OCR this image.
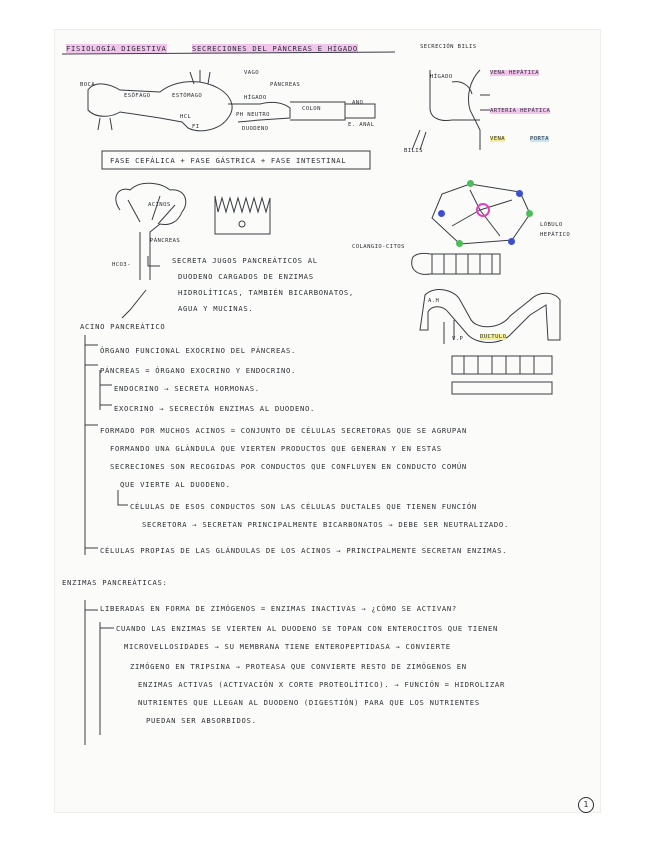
FISIOLOGÍA DIGESTIVA	SECRECIONES DEL PÁNCREAS E HÍGADO
BOCA
ESÓFAGO	ESTÓMAGO
HCL
FI
VAGO
HÍGADO
PÁNCREAS
PH NEUTRO
DUODENO
COLON
ANO
E. ANAL
FASE CEFÁLICA + FASE GÁSTRICA + FASE INTESTINAL
SECRECIÓN BILIS
HÍGADO
VENA HEPÁTICA
ARTERIA HEPÁTICA
VENA	PORTA
BILIS
PÁNCREAS
HCO3-
ACINOS
SECRETA JUGOS PANCREÁTICOS AL
DUODENO CARGADOS DE ENZIMAS
HIDROLÍTICAS, TAMBIÉN BICARBONATOS,
AGUA Y MUCINAS.
LÓBULO
HEPÁTICO
COLANGIO-CITOS
A.H
V.P	DUCTULO
ACINO PANCREÁTICO
ÓRGANO FUNCIONAL EXOCRINO DEL PÁNCREAS.
PÁNCREAS = ÓRGANO EXOCRINO Y ENDOCRINO.
ENDOCRINO → SECRETA HORMONAS.
EXOCRINO → SECRECIÓN ENZIMAS AL DUODENO.
FORMADO POR MUCHOS ACINOS = CONJUNTO DE CÉLULAS SECRETORAS QUE SE AGRUPAN
FORMANDO UNA GLÁNDULA QUE VIERTEN PRODUCTOS QUE GENERAN Y EN ESTAS
SECRECIONES SON RECOGIDAS POR CONDUCTOS QUE CONFLUYEN EN CONDUCTO COMÚN
QUE VIERTE AL DUODENO.
CÉLULAS DE ESOS CONDUCTOS SON LAS CÉLULAS DUCTALES QUE TIENEN FUNCIÓN
SECRETORA → SECRETAN PRINCIPALMENTE BICARBONATOS → DEBE SER NEUTRALIZADO.
CÉLULAS PROPIAS DE LAS GLÁNDULAS DE LOS ACINOS → PRINCIPALMENTE SECRETAN ENZIMAS.
ENZIMAS PANCREÁTICAS:
LIBERADAS EN FORMA DE ZIMÓGENOS = ENZIMAS INACTIVAS → ¿CÓMO SE ACTIVAN?
CUANDO LAS ENZIMAS SE VIERTEN AL DUODENO SE TOPAN CON ENTEROCITOS QUE TIENEN
MICROVELLOSIDADES → SU MEMBRANA TIENE ENTEROPEPTIDASA → CONVIERTE
ZIMÓGENO EN TRIPSINA → PROTEASA QUE CONVIERTE RESTO DE ZIMÓGENOS EN
ENZIMAS ACTIVAS (ACTIVACIÓN X CORTE PROTEOLÍTICO). → FUNCIÓN = HIDROLIZAR
NUTRIENTES QUE LLEGAN AL DUODENO (DIGESTIÓN) PARA QUE LOS NUTRIENTES
PUEDAN SER ABSORBIDOS.
1
